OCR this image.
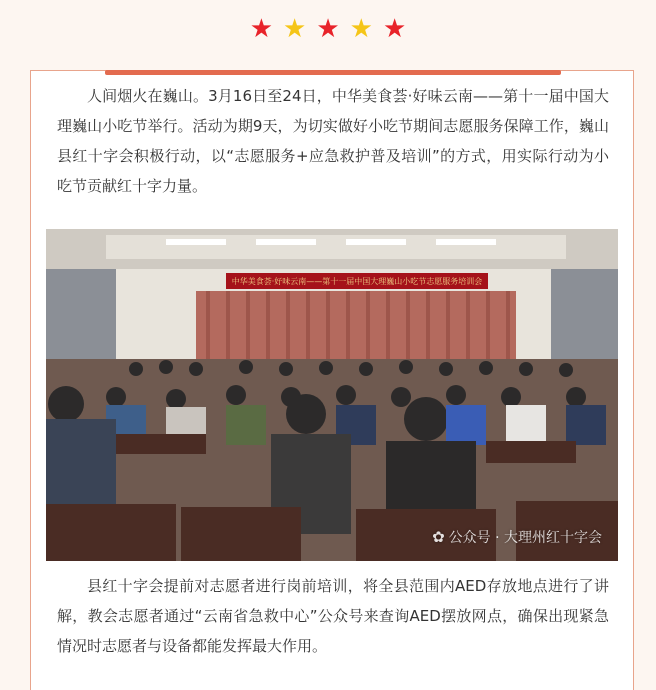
★ ★ ★ ★ ★

人间烟火在巍山。3月16日至24日，中华美食荟·好味云南——第十一届中国大理巍山小吃节举行。活动为期9天，为切实做好小吃节期间志愿服务保障工作，巍山县红十字会积极行动，以“志愿服务+应急救护普及培训”的方式，用实际行动为小吃节贡献红十字力量。

中华美食荟·好味云南——第十一届中国大理巍山小吃节志愿服务培训会
✿ 公众号 · 大理州红十字会

县红十字会提前对志愿者进行岗前培训，将全县范围内AED存放地点进行了讲解，教会志愿者通过“云南省急救中心”公众号来查询AED摆放网点，确保出现紧急情况时志愿者与设备都能发挥最大作用。
